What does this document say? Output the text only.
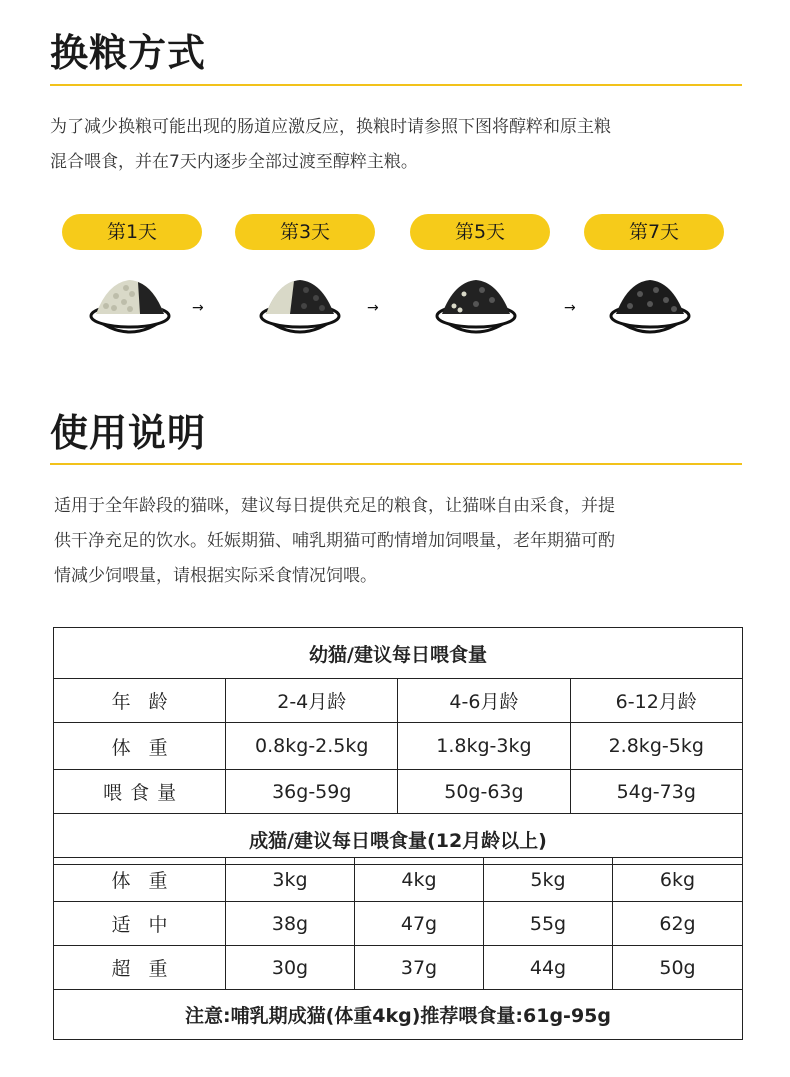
换粮方式
为了减少换粮可能出现的肠道应激反应，换粮时请参照下图将醇粹和原主粮
混合喂食，并在7天内逐步全部过渡至醇粹主粮。
第1天	第3天	第5天	第7天
→	→	→
使用说明
适用于全年龄段的猫咪，建议每日提供充足的粮食，让猫咪自由采食，并提
供干净充足的饮水。妊娠期猫、哺乳期猫可酌情增加饲喂量，老年期猫可酌
情减少饲喂量，请根据实际采食情况饲喂。
幼猫/建议每日喂食量			
年龄	2-4月龄	4-6月龄	6-12月龄
体重	0.8kg-2.5kg	1.8kg-3kg	2.8kg-5kg
喂食量	36g-59g	50g-63g	54g-73g
成猫/建议每日喂食量(12月龄以上)			
体重	3kg	4kg	5kg	6kg
适中	38g	47g	55g	62g
超重	30g	37g	44g	50g
注意:哺乳期成猫(体重4kg)推荐喂食量:61g-95g				
